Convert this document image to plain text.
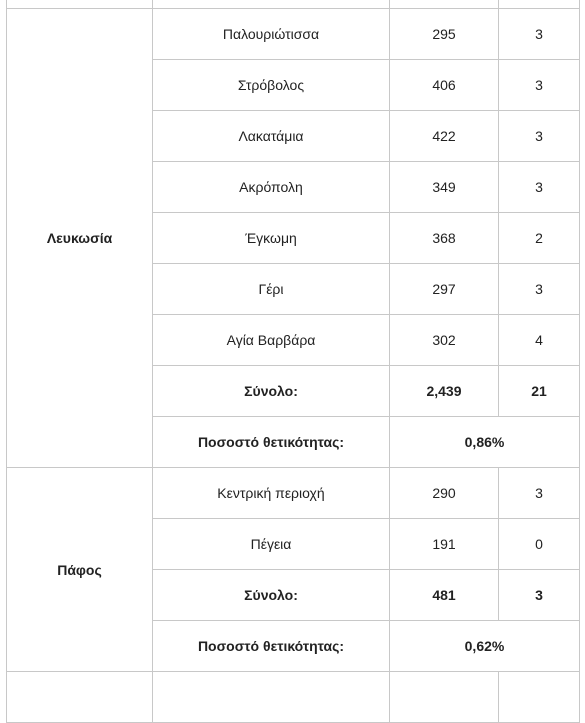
Λευκωσία	Παλουριώτισσα	295	3
	Στρόβολος	406	3
	Λακατάμια	422	3
	Ακρόπολη	349	3
	Έγκωμη	368	2
	Γέρι	297	3
	Αγία Βαρβάρα	302	4
	Σύνολο:	2,439	21
	Ποσοστό θετικότητας:	0,86%	
Πάφος	Κεντρική περιοχή	290	3
	Πέγεια	191	0
	Σύνολο:	481	3
	Ποσοστό θετικότητας:	0,62%	
